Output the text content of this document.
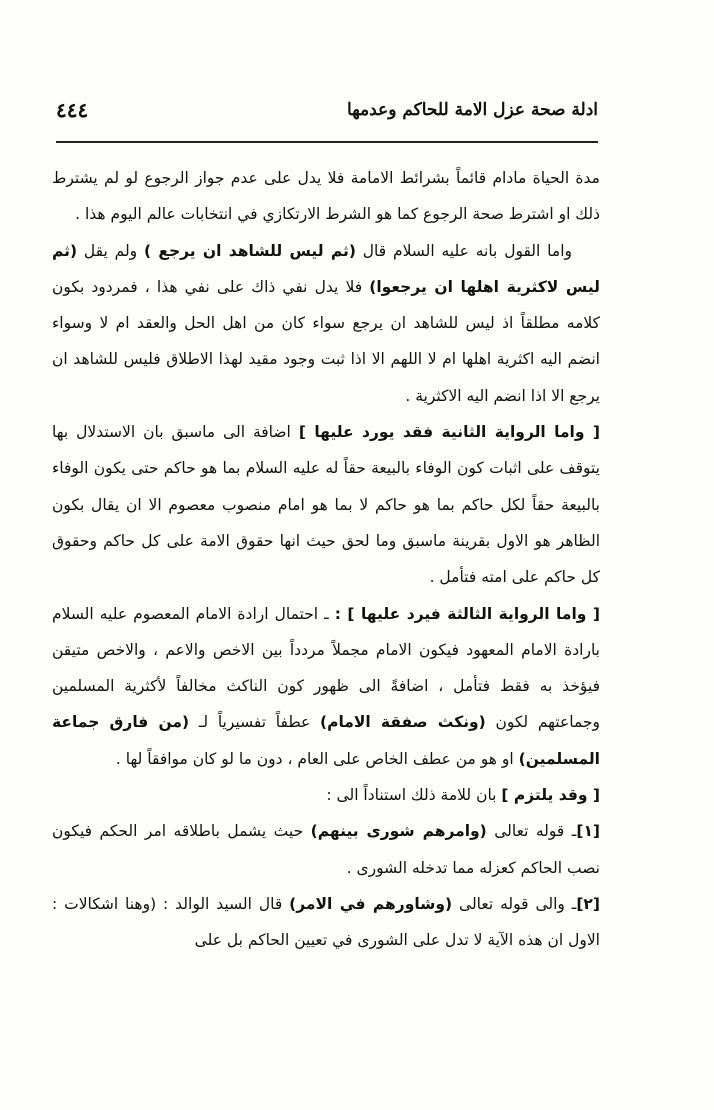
ادلة صحة عزل الامة للحاكم وعدمها
٤٤٤

مدة الحياة مادام قائماً بشرائط الامامة فلا يدل على عدم جواز الرجوع لو لم يشترط ذلك او اشترط صحة الرجوع كما هو الشرط الارتكازي في انتخابات عالم اليوم هذا .

واما القول بانه عليه السلام قال (ثم ليس للشاهد ان يرجع ) ولم يقل (ثم ليس لاكثرية اهلها ان يرجعوا) فلا يدل نفي ذاك على نفي هذا ، فمردود بكون كلامه مطلقاً اذ ليس للشاهد ان يرجع سواء كان من اهل الحل والعقد ام لا وسواء انضم اليه اكثرية اهلها ام لا اللهم الا اذا ثبت وجود مقيد لهذا الاطلاق فليس للشاهد ان يرجع الا اذا انضم اليه الاكثرية .

[ واما الرواية الثانية فقد يورد عليها ] اضافة الى ماسبق بان الاستدلال بها يتوقف على اثبات كون الوفاء بالبيعة حقاً له عليه السلام بما هو حاكم حتى يكون الوفاء بالبيعة حقاً لكل حاكم بما هو حاكم لا بما هو امام منصوب معصوم الا ان يقال بكون الظاهر هو الاول بقرينة ماسبق وما لحق حيث انها حقوق الامة على كل حاكم وحقوق كل حاكم على امته فتأمل .

[ واما الرواية الثالثة فيرد عليها ] : ـ احتمال ارادة الامام المعصوم عليه السلام بارادة الامام المعهود فيكون الامام مجملاً مردداً بين الاخص والاعم ، والاخص متيقن فيؤخذ به فقط فتأمل ، اضافةً الى ظهور كون الناكث مخالفاً لأكثرية المسلمين وجماعتهم لكون (ونكث صفقة الامام) عطفاً تفسيرياً لـ (من فارق جماعة المسلمين) او هو من عطف الخاص على العام ، دون ما لو كان موافقاً لها .

[ وقد يلتزم ] بان للامة ذلك استناداً الى :

[١]ـ قوله تعالى (وامرهم شورى بينهم) حيث يشمل باطلاقه امر الحكم فيكون نصب الحاكم كعزله مما تدخله الشورى .

[٢]ـ والى قوله تعالى (وشاورهم في الامر) قال السيد الوالد : (وهنا اشكالات : الاول ان هذه الآية لا تدل على الشورى في تعيين الحاكم بل على
